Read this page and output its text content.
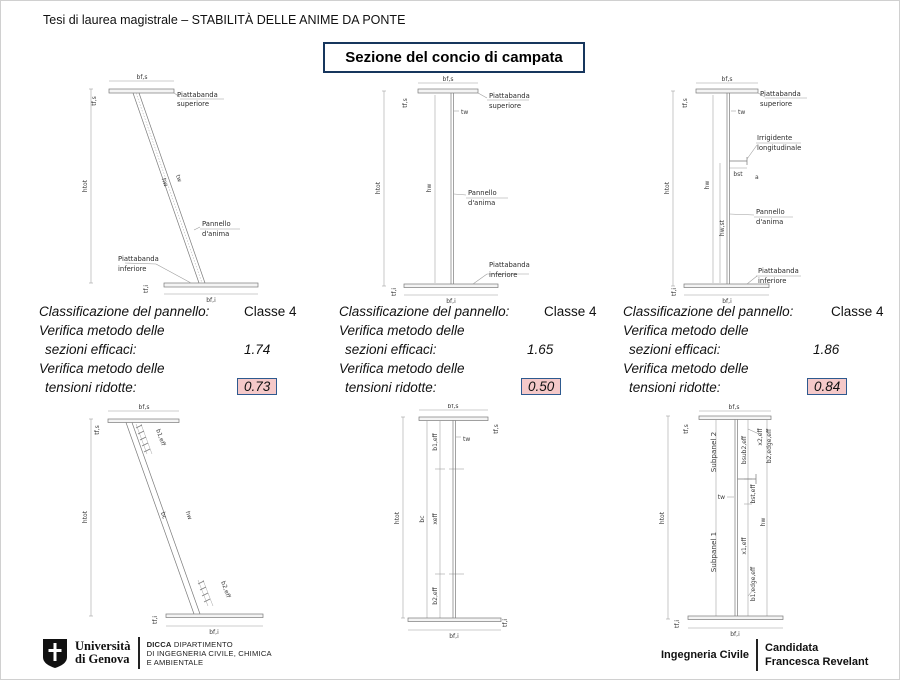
Tesi di laurea magistrale – STABILITÀ DELLE ANIME DA PONTE
Sezione del concio di campata
bf,s
tf,s
htot	hw tw
Piattabanda
superiore
Pannello
d'anima
Piattabanda
inferiore
tf,i
bf,i
bf,s
tf,s
htot	hw
tw
Piattabanda
superiore
Pannello
d'anima
Piattabanda
inferiore
tf,i
bf,i
bf,s
tf,s
htot	hw
hw,st
tw
bst a
Piattabanda
superiore
Irrigidente
longitudinale
Pannello
d'anima
Piattabanda
inferiore
tf,i
bf,i
Classificazione del pannello:	Classe 4
Verifica metodo delle
sezioni efficaci:	1.74
Verifica metodo delle
tensioni ridotte:	0.73
Classificazione del pannello:	Classe 4
Verifica metodo delle
sezioni efficaci:	1.65
Verifica metodo delle
tensioni ridotte:	0.50
Classificazione del pannello:	Classe 4
Verifica metodo delle
sezioni efficaci:	1.86
Verifica metodo delle
tensioni ridotte:	0.84
bf,s
tf,s
htot
b1,eff
bc	hw
b2,eff
tf,i
bf,i
bf,s
tf,s
htot
b1,eff	tw
bc xeff
b2,eff
tf,i
bf,i
bf,s
tf,s
htot
Subpanel 2
Subpanel 1
bsub2,eff x2,eff b2,edge,eff
bst,eff
tw
x1,eff
b1,edge,eff
hw
tf,i
bf,i
Università
di Genova
DICCA DIPARTIMENTO
DI INGEGNERIA CIVILE, CHIMICA
E AMBIENTALE
Ingegneria Civile
Candidata
Francesca Revelant
